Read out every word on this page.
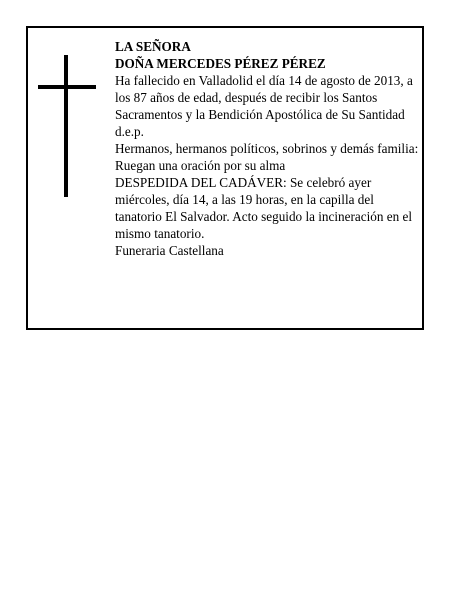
LA SEÑORA

DOÑA MERCEDES PÉREZ PÉREZ

Ha fallecido en Valladolid el día 14 de agosto de 2013, a los 87 años de edad, después de recibir los Santos Sacramentos y la Bendición Apostólica de Su Santidad

d.e.p.

Hermanos, hermanos políticos, sobrinos y demás familia:

Ruegan una oración por su alma

DESPEDIDA DEL CADÁVER: Se celebró ayer miércoles, día 14, a las 19 horas, en la capilla del tanatorio El Salvador. Acto seguido la incineración en el mismo tanatorio.

Funeraria Castellana
